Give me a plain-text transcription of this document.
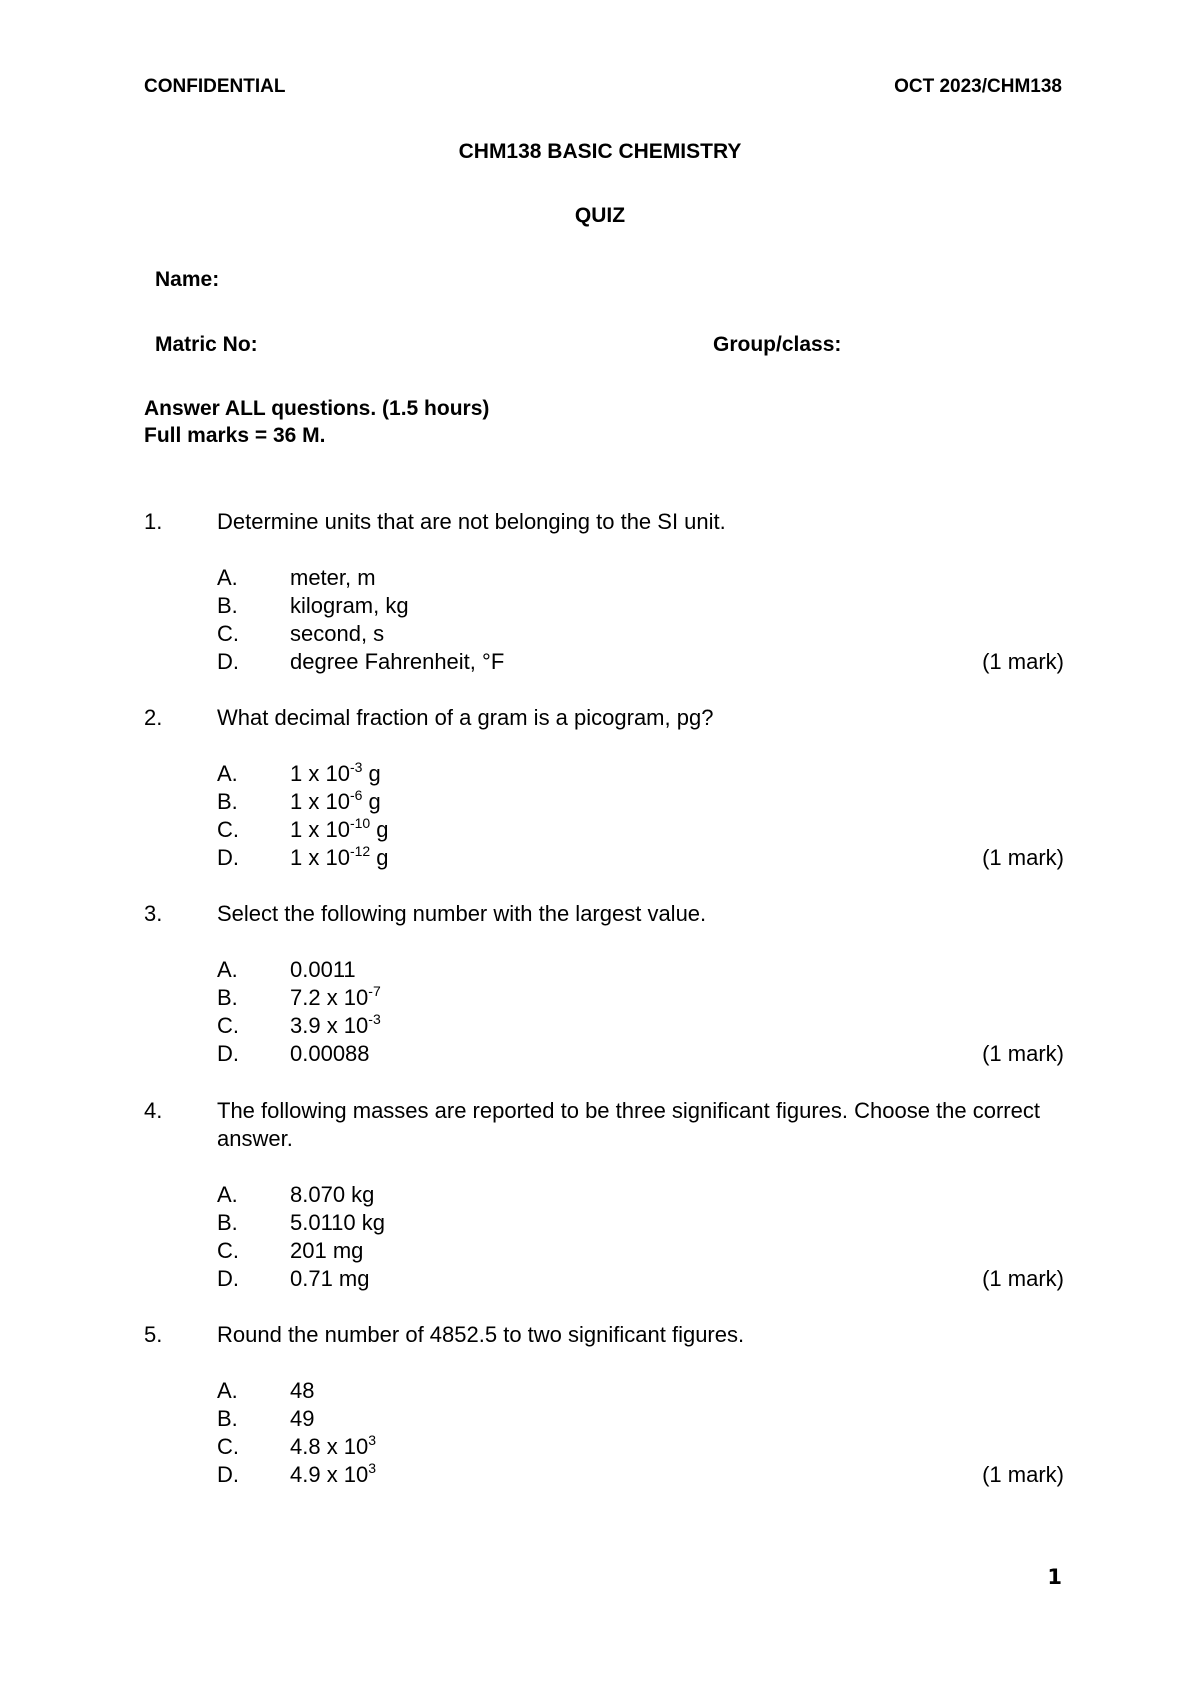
CONFIDENTIAL	OCT 2023/CHM138
CHM138 BASIC CHEMISTRY
QUIZ
Name:
Matric No:	Group/class:
Answer ALL questions. (1.5 hours)
Full marks = 36 M.
1. Determine units that are not belonging to the SI unit.
A. meter, m
B. kilogram, kg
C. second, s
D. degree Fahrenheit, °F	(1 mark)
2. What decimal fraction of a gram is a picogram, pg?
A. 1 x $10^{-3}$ g
B. 1 x $10^{-6}$ g
C. 1 x $10^{-10}$ g
D. 1 x $10^{-12}$ g	(1 mark)
3. Select the following number with the largest value.
A. 0.0011
B. 7.2 x $10^{-7}$
C. 3.9 x $10^{-3}$
D. 0.00088	(1 mark)
4. The following masses are reported to be three significant figures. Choose the correct answer.
A. 8.070 kg
B. 5.0110 kg
C. 201 mg
D. 0.71 mg	(1 mark)
5. Round the number of 4852.5 to two significant figures.
A. 48
B. 49
C. 4.8 x $10^3$
D. 4.9 x $10^3$	(1 mark)
1
